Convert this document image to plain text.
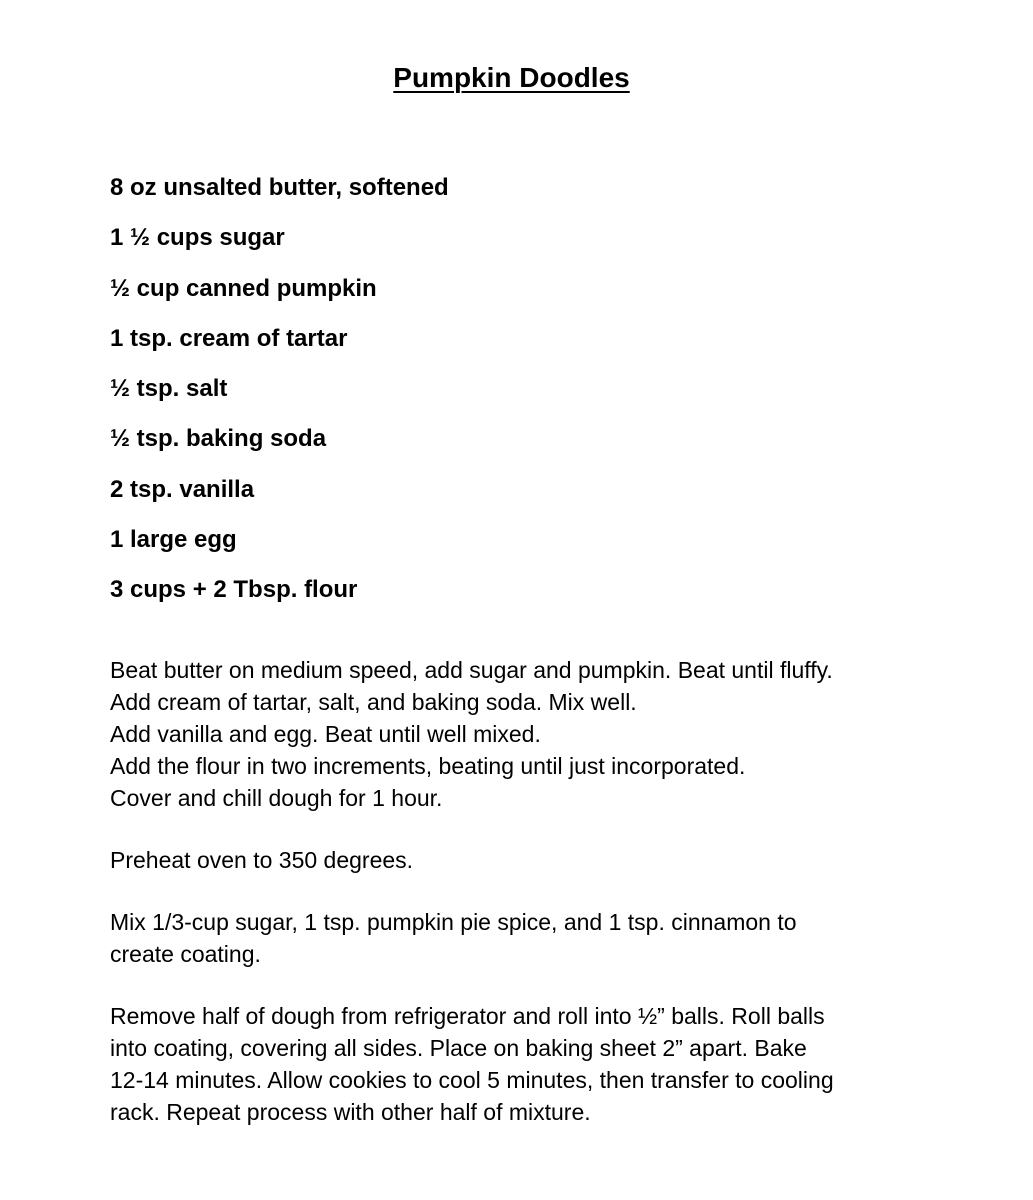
Pumpkin Doodles
8 oz unsalted butter, softened
1 ½ cups sugar
½ cup canned pumpkin
1 tsp. cream of tartar
½ tsp. salt
½ tsp. baking soda
2 tsp. vanilla
1 large egg
3 cups + 2 Tbsp. flour
Beat butter on medium speed, add sugar and pumpkin. Beat until fluffy.
Add cream of tartar, salt, and baking soda. Mix well.
Add vanilla and egg. Beat until well mixed.
Add the flour in two increments, beating until just incorporated.
Cover and chill dough for 1 hour.
Preheat oven to 350 degrees.
Mix 1/3-cup sugar, 1 tsp. pumpkin pie spice, and 1 tsp. cinnamon to
create coating.
Remove half of dough from refrigerator and roll into ½” balls. Roll balls
into coating, covering all sides. Place on baking sheet 2” apart. Bake
12-14 minutes. Allow cookies to cool 5 minutes, then transfer to cooling
rack. Repeat process with other half of mixture.
